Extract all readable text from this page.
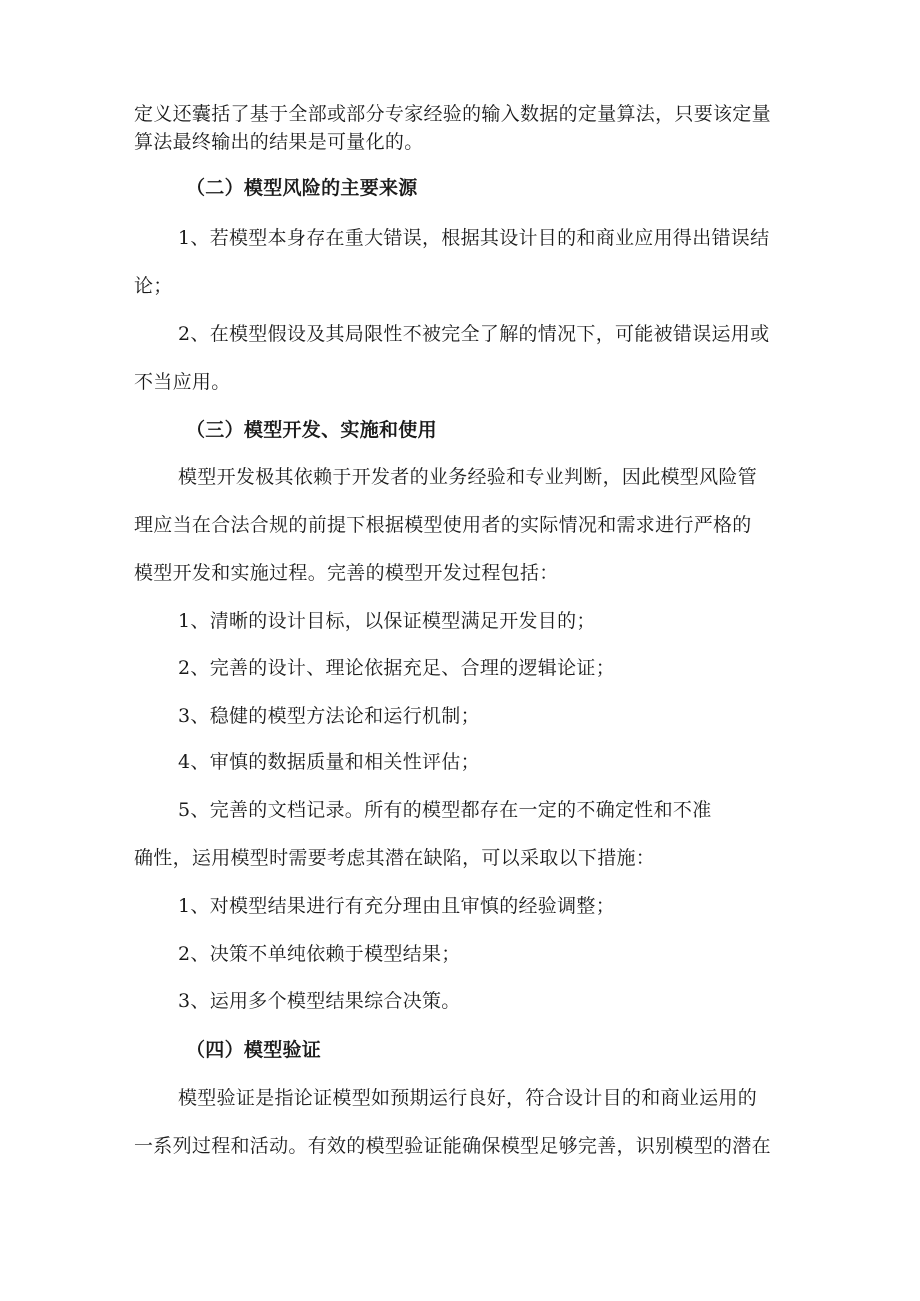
定义还囊括了基于全部或部分专家经验的输入数据的定量算法，只要该定量
算法最终输出的结果是可量化的。
（二）模型风险的主要来源
1、若模型本身存在重大错误，根据其设计目的和商业应用得出错误结
论；
2、在模型假设及其局限性不被完全了解的情况下，可能被错误运用或
不当应用。
（三）模型开发、实施和使用
模型开发极其依赖于开发者的业务经验和专业判断，因此模型风险管
理应当在合法合规的前提下根据模型使用者的实际情况和需求进行严格的
模型开发和实施过程。完善的模型开发过程包括：
1、清晰的设计目标，以保证模型满足开发目的；
2、完善的设计、理论依据充足、合理的逻辑论证；
3、稳健的模型方法论和运行机制；
4、审慎的数据质量和相关性评估；
5、完善的文档记录。所有的模型都存在一定的不确定性和不准
确性，运用模型时需要考虑其潜在缺陷，可以采取以下措施：
1、对模型结果进行有充分理由且审慎的经验调整；
2、决策不单纯依赖于模型结果；
3、运用多个模型结果综合决策。
（四）模型验证
模型验证是指论证模型如预期运行良好，符合设计目的和商业运用的
一系列过程和活动。有效的模型验证能确保模型足够完善，识别模型的潜在
